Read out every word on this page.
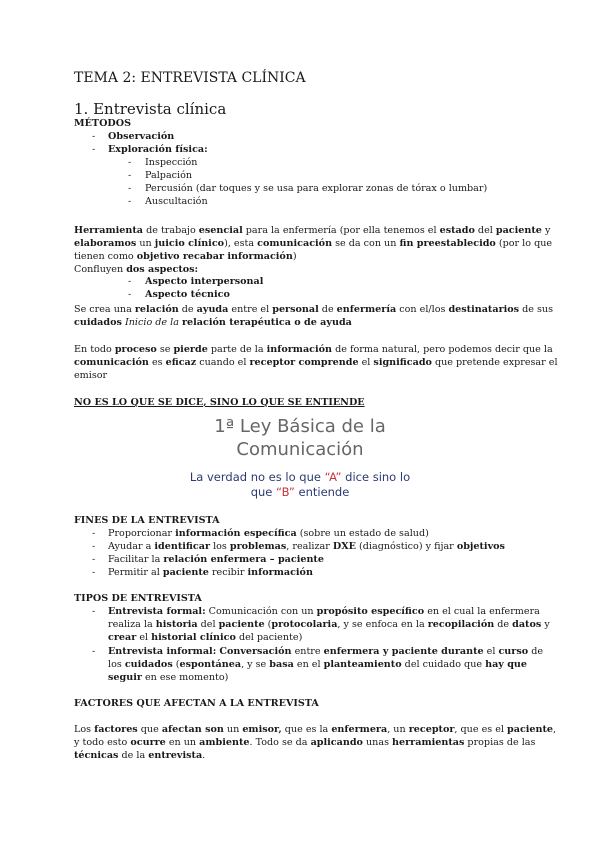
TEMA 2: ENTREVISTA CLÍNICA
1. Entrevista clínica
MÉTODOS
- Observación
- Exploración física:
- Inspección
- Palpación
- Percusión (dar toques y se usa para explorar zonas de tórax o lumbar)
- Auscultación
Herramienta de trabajo esencial para la enfermería (por ella tenemos el estado del paciente y
elaboramos un juicio clínico), esta comunicación se da con un fin preestablecido (por lo que
tienen como objetivo recabar información)
Confluyen dos aspectos:
- Aspecto interpersonal
- Aspecto técnico
Se crea una relación de ayuda entre el personal de enfermería con el/los destinatarios de sus
cuidados Inicio de la relación terapéutica o de ayuda
En todo proceso se pierde parte de la información de forma natural, pero podemos decir que la
comunicación es eficaz cuando el receptor comprende el significado que pretende expresar el
emisor
NO ES LO QUE SE DICE, SINO LO QUE SE ENTIENDE
1ª Ley Básica de la
Comunicación
La verdad no es lo que “A” dice sino lo
que “B” entiende
FINES DE LA ENTREVISTA
- Proporcionar información específica (sobre un estado de salud)
- Ayudar a identificar los problemas, realizar DXE (diagnóstico) y fijar objetivos
- Facilitar la relación enfermera – paciente
- Permitir al paciente recibir información
TIPOS DE ENTREVISTA
- Entrevista formal: Comunicación con un propósito específico en el cual la enfermera
realiza la historia del paciente (protocolaria, y se enfoca en la recopilación de datos y
crear el historial clínico del paciente)
- Entrevista informal: Conversación entre enfermera y paciente durante el curso de
los cuidados (espontánea, y se basa en el planteamiento del cuidado que hay que
seguir en ese momento)
FACTORES QUE AFECTAN A LA ENTREVISTA
Los factores que afectan son un emisor, que es la enfermera, un receptor, que es el paciente,
y todo esto ocurre en un ambiente. Todo se da aplicando unas herramientas propias de las
técnicas de la entrevista.
